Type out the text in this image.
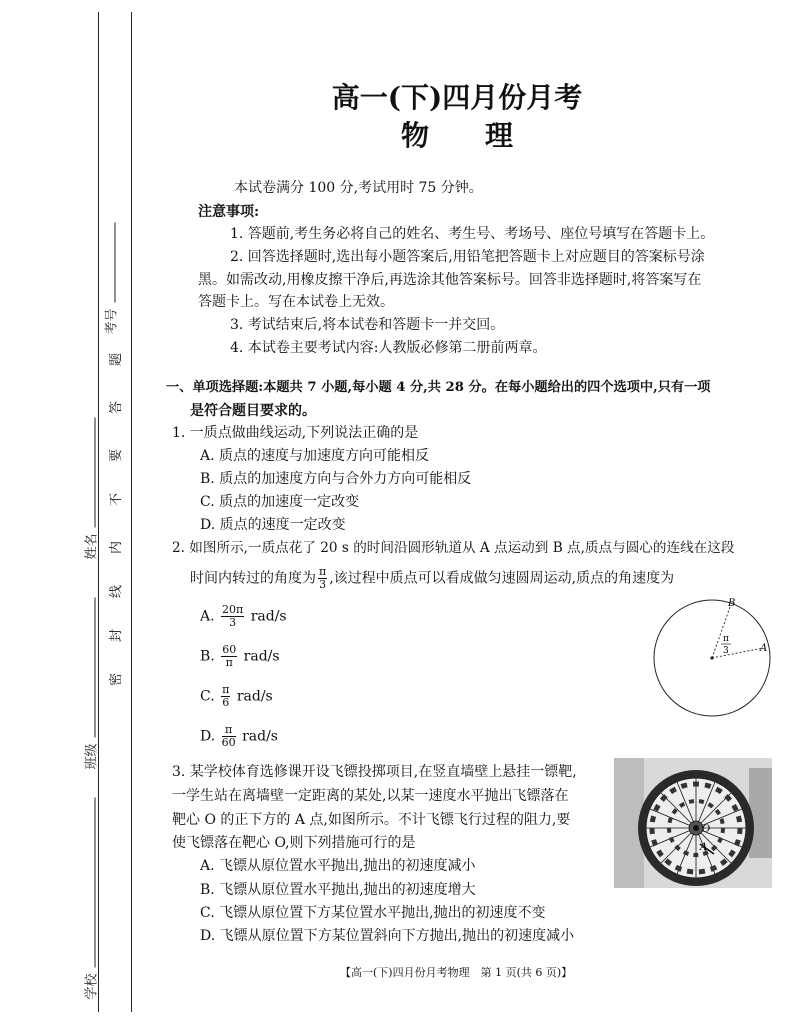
考号
姓名
班级
学校
密
封
线
内
不
要
答
题
高一(下)四月份月考
物　　理
本试卷满分 100 分,考试用时 75 分钟。
注意事项:
1. 答题前,考生务必将自己的姓名、考生号、考场号、座位号填写在答题卡上。
2. 回答选择题时,选出每小题答案后,用铅笔把答题卡上对应题目的答案标号涂
黑。如需改动,用橡皮擦干净后,再选涂其他答案标号。回答非选择题时,将答案写在
答题卡上。写在本试卷上无效。
3. 考试结束后,将本试卷和答题卡一并交回。
4. 本试卷主要考试内容:人教版必修第二册前两章。
一、单项选择题:本题共 7 小题,每小题 4 分,共 28 分。在每小题给出的四个选项中,只有一项
是符合题目要求的。
1. 一质点做曲线运动,下列说法正确的是
A. 质点的速度与加速度方向可能相反
B. 质点的加速度方向与合外力方向可能相反
C. 质点的加速度一定改变
D. 质点的速度一定改变
2. 如图所示,一质点花了 20 s 的时间沿圆形轨道从 A 点运动到 B 点,质点与圆心的连线在这段
时间内转过的角度为 $\frac{\pi}{3}$ ,该过程中质点可以看成做匀速圆周运动,质点的角速度为
A. $\frac{20\pi}{3} rad/s$
B. $\frac{60}{\pi} rad/s$
C. $\frac{\pi}{6} rad/s$
D. $\frac{\pi}{60} rad/s$
B
A
π
3
3. 某学校体育选修课开设飞镖投掷项目,在竖直墙壁上悬挂一镖靶,
一学生站在离墙壁一定距离的某处,以某一速度水平抛出飞镖落在
靶心 O 的正下方的 A 点,如图所示。不计飞镖飞行过程的阻力,要
使飞镖落在靶心 O,则下列措施可行的是
A. 飞镖从原位置水平抛出,抛出的初速度减小
B. 飞镖从原位置水平抛出,抛出的初速度增大
C. 飞镖从原位置下方某位置水平抛出,抛出的初速度不变
D. 飞镖从原位置下方某位置斜向下方抛出,抛出的初速度减小
O
A
【高一(下)四月份月考物理　第 1 页(共 6 页)】
